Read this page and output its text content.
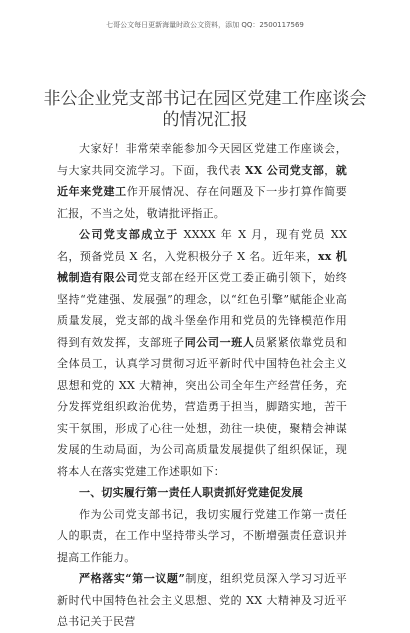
七哥公文每日更新海量时政公文资料，添加 QQ：2500117569
非公企业党支部书记在园区党建工作座谈会的情况汇报

大家好！非常荣幸能参加今天园区党建工作座谈会，与大家共同交流学习。下面，我代表 XX 公司党支部，就近年来党建工作开展情况、存在问题及下一步打算作简要汇报，不当之处，敬请批评指正。

公司党支部成立于 XXXX 年 X 月，现有党员 XX 名，预备党员 X 名，入党积极分子 X 名。近年来，xx 机械制造有限公司党支部在经开区党工委正确引领下，始终坚持“党建强、发展强”的理念，以“红色引擎”赋能企业高质量发展，党支部的战斗堡垒作用和党员的先锋模范作用得到有效发挥，支部班子同公司一班人员紧紧依靠党员和全体员工，认真学习贯彻习近平新时代中国特色社会主义思想和党的 XX 大精神，突出公司全年生产经营任务，充分发挥党组织政治优势，营造勇于担当，脚踏实地，苦干实干氛围，形成了心往一处想，劲往一块使，聚精会神谋发展的生动局面，为公司高质量发展提供了组织保证，现将本人在落实党建工作述职如下：

一、切实履行第一责任人职责抓好党建促发展

作为公司党支部书记，我切实履行党建工作第一责任人的职责，在工作中坚持带头学习，不断增强责任意识并提高工作能力。

严格落实“第一议题”制度，组织党员深入学习习近平新时代中国特色社会主义思想、党的 XX 大精神及习近平总书记关于民营
